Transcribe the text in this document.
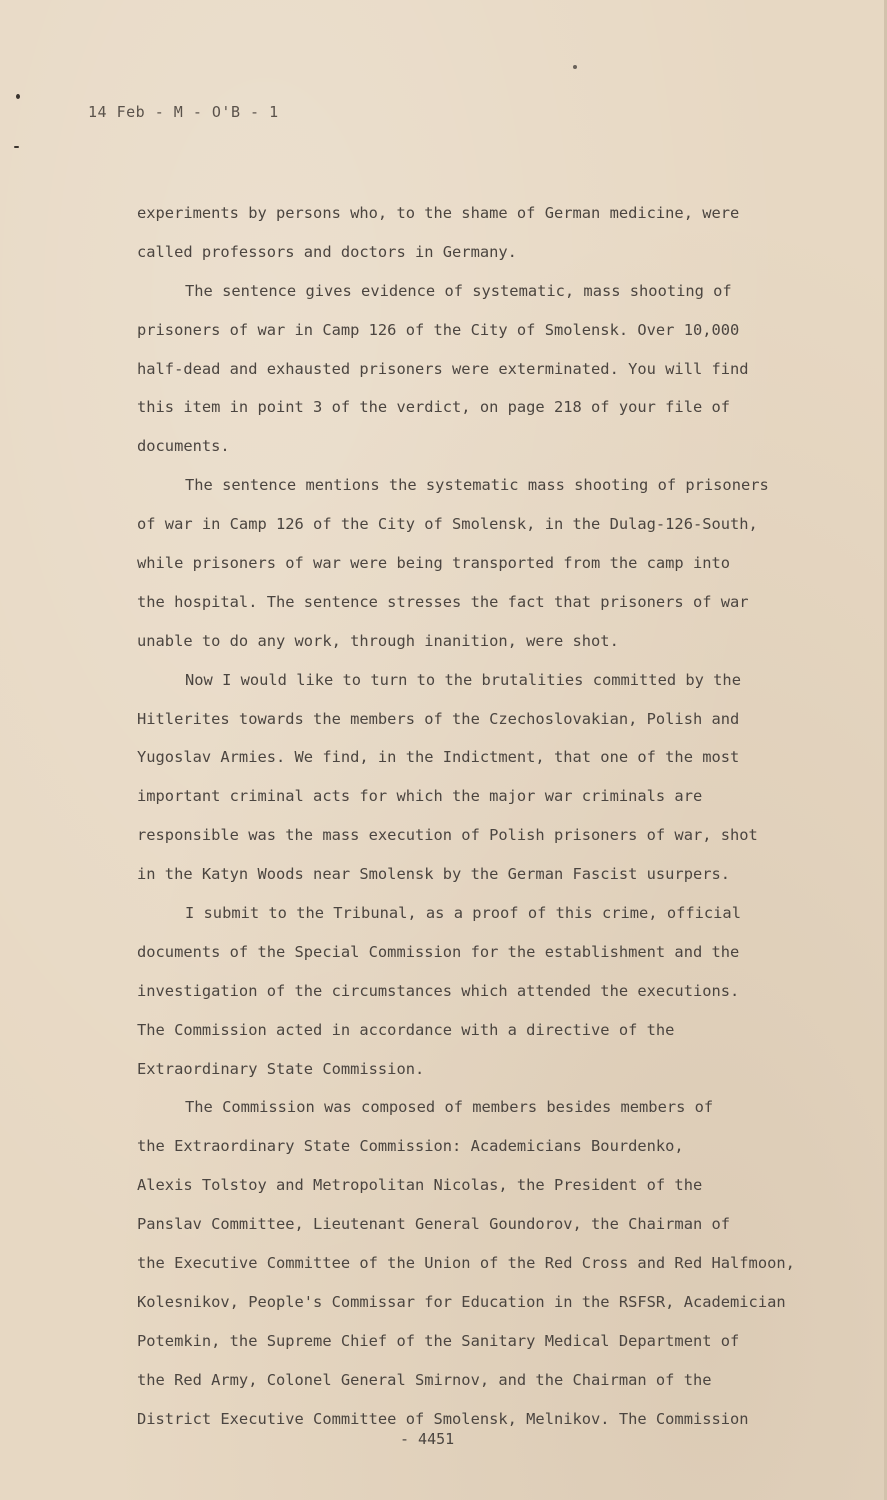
14 Feb - M - O'B - 1

experiments by persons who, to the shame of German medicine, were

called professors and doctors in Germany.

The sentence gives evidence of systematic, mass shooting of

prisoners of war in Camp 126 of the City of Smolensk. Over 10,000

half-dead and exhausted prisoners were exterminated. You will find

this item in point 3 of the verdict, on page 218 of your file of

documents.

The sentence mentions the systematic mass shooting of prisoners

of war in Camp 126 of the City of Smolensk, in the Dulag-126-South,

while prisoners of war were being transported from the camp into

the hospital. The sentence stresses the fact that prisoners of war

unable to do any work, through inanition, were shot.

Now I would like to turn to the brutalities committed by the

Hitlerites towards the members of the Czechoslovakian, Polish and

Yugoslav Armies. We find, in the Indictment, that one of the most

important criminal acts for which the major war criminals are

responsible was the mass execution of Polish prisoners of war, shot

in the Katyn Woods near Smolensk by the German Fascist usurpers.

I submit to the Tribunal, as a proof of this crime, official

documents of the Special Commission for the establishment and the

investigation of the circumstances which attended the executions.

The Commission acted in accordance with a directive of the

Extraordinary State Commission.

The Commission was composed of members besides members of

the Extraordinary State Commission: Academicians Bourdenko,

Alexis Tolstoy and Metropolitan Nicolas, the President of the

Panslav Committee, Lieutenant General Goundorov, the Chairman of

the Executive Committee of the Union of the Red Cross and Red Halfmoon,

Kolesnikov, People's Commissar for Education in the RSFSR, Academician

Potemkin, the Supreme Chief of the Sanitary Medical Department of

the Red Army, Colonel General Smirnov, and the Chairman of the

District Executive Committee of Smolensk, Melnikov. The Commission

- 4451
